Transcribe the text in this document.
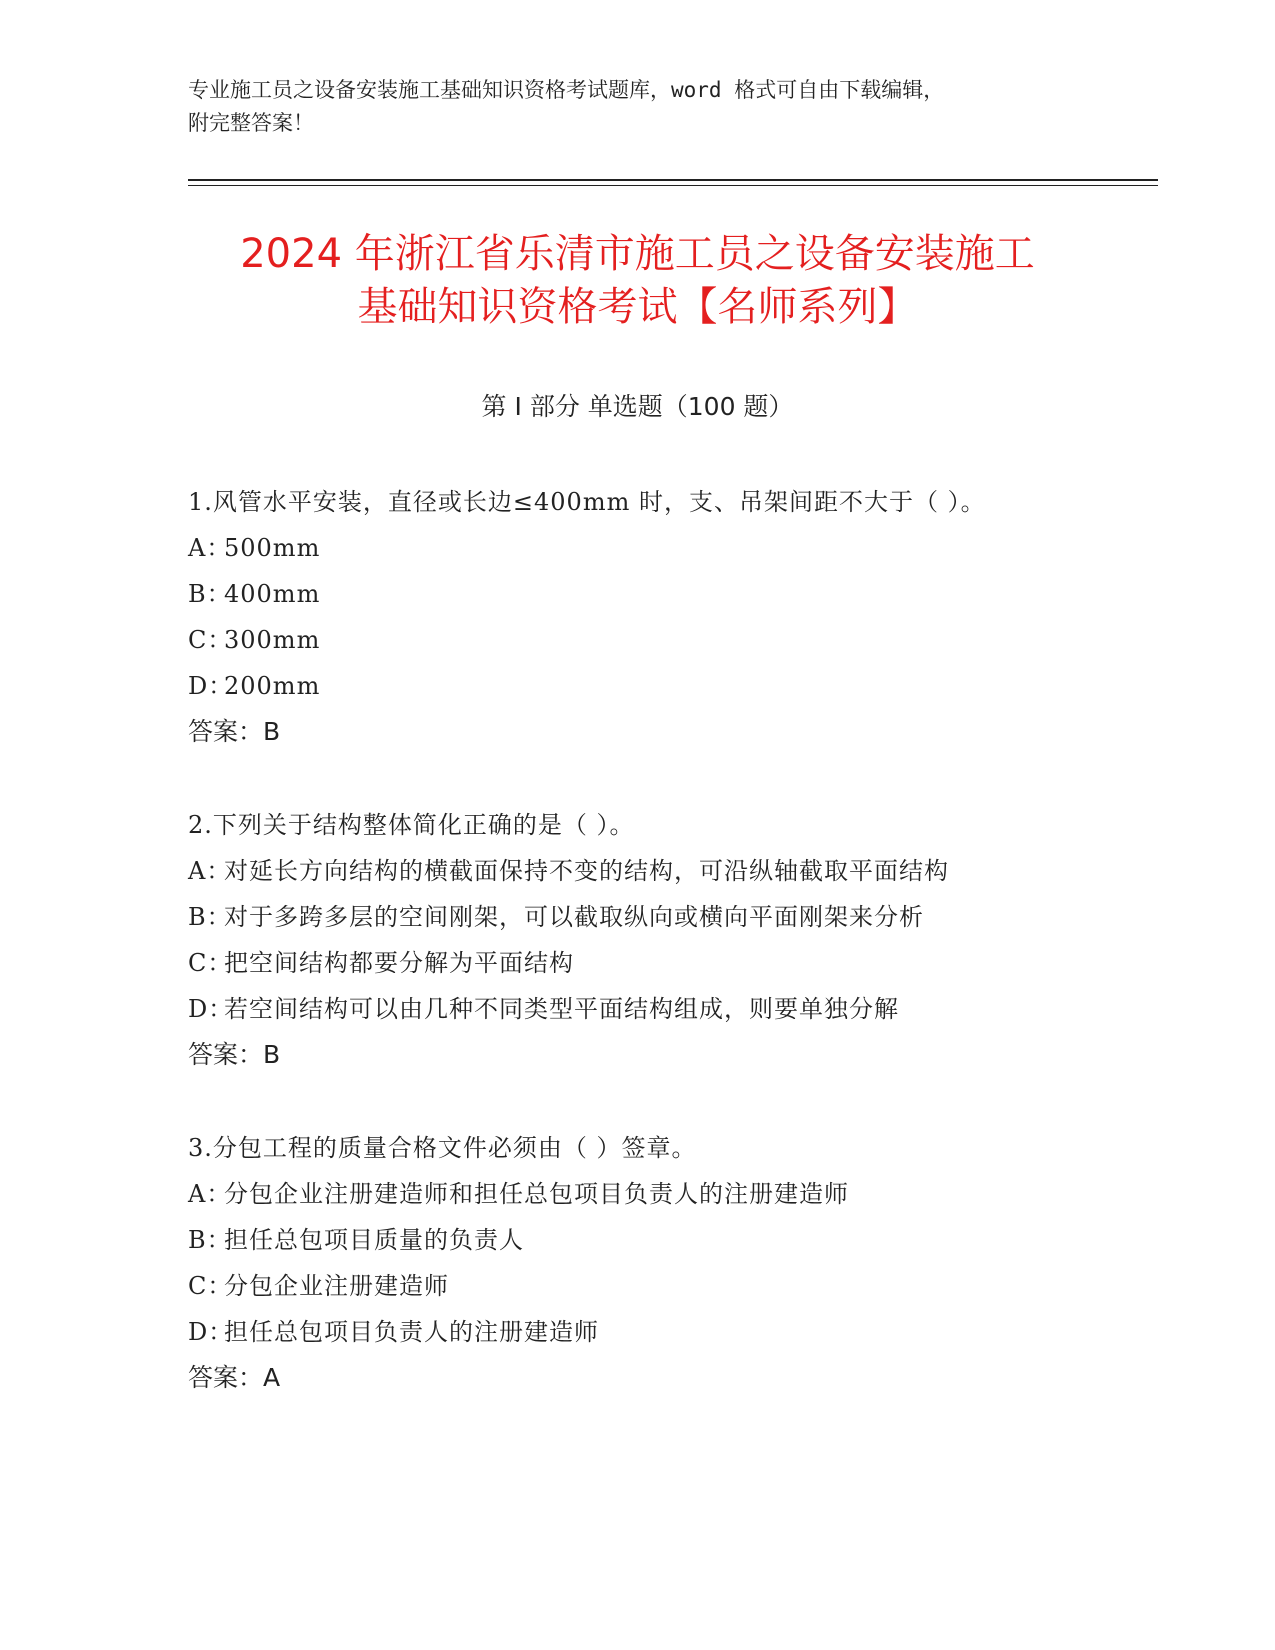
专业施工员之设备安装施工基础知识资格考试题库，word 格式可自由下载编辑，
附完整答案！
2024 年浙江省乐清市施工员之设备安装施工
基础知识资格考试【名师系列】
第 I 部分 单选题（100 题）
1.风管水平安装，直径或长边≤400mm 时，支、吊架间距不大于（ ）。
A：500mm
B：400mm
C：300mm
D：200mm
答案：B
2.下列关于结构整体简化正确的是（ ）。
A：对延长方向结构的横截面保持不变的结构，可沿纵轴截取平面结构
B：对于多跨多层的空间刚架，可以截取纵向或横向平面刚架来分析
C：把空间结构都要分解为平面结构
D：若空间结构可以由几种不同类型平面结构组成，则要单独分解
答案：B
3.分包工程的质量合格文件必须由（ ）签章。
A：分包企业注册建造师和担任总包项目负责人的注册建造师
B：担任总包项目质量的负责人
C：分包企业注册建造师
D：担任总包项目负责人的注册建造师
答案：A
